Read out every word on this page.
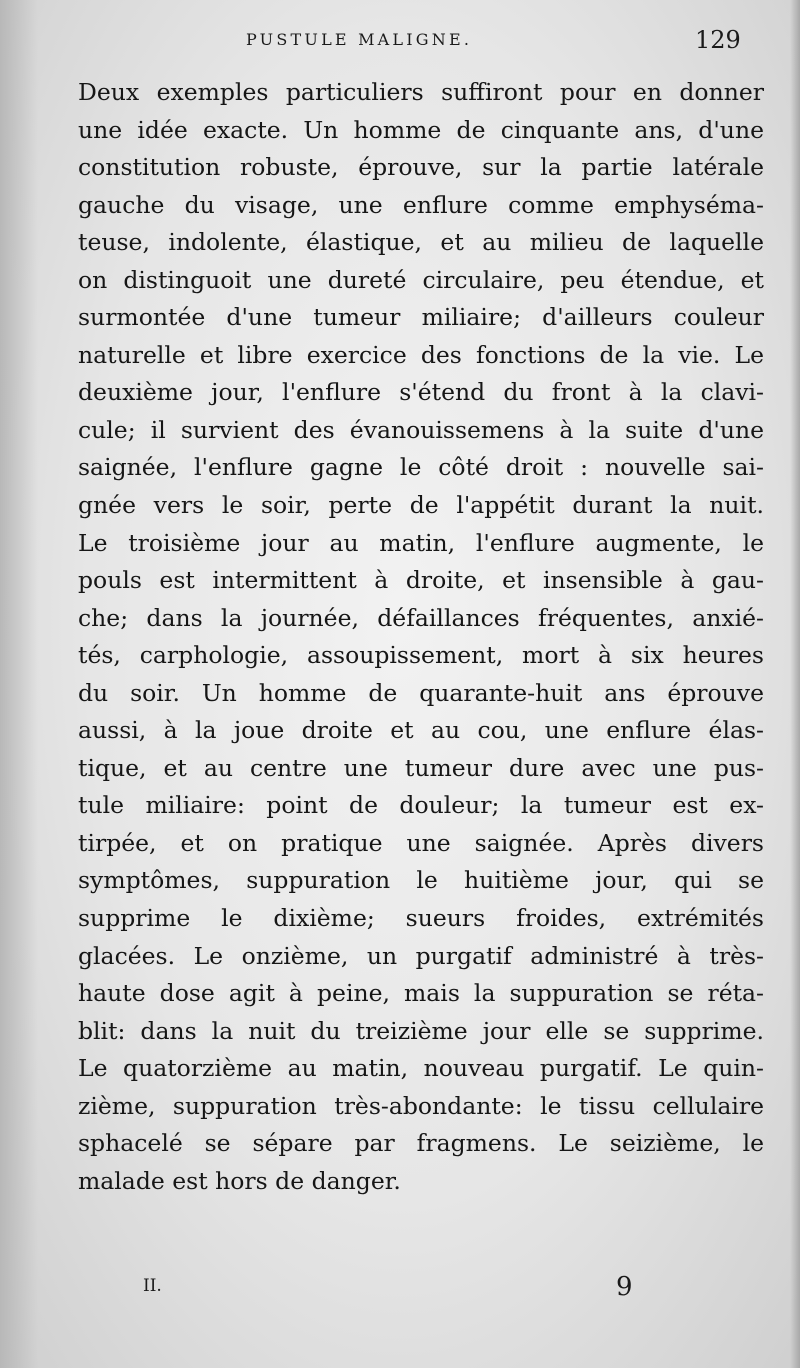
PUSTULE MALIGNE.	129
Deux exemples particuliers suffiront pour en donner
une idée exacte. Un homme de cinquante ans, d'une
constitution robuste, éprouve, sur la partie latérale
gauche du visage, une enflure comme emphyséma-
teuse, indolente, élastique, et au milieu de laquelle
on distinguoit une dureté circulaire, peu étendue, et
surmontée d'une tumeur miliaire; d'ailleurs couleur
naturelle et libre exercice des fonctions de la vie. Le
deuxième jour, l'enflure s'étend du front à la clavi-
cule; il survient des évanouissemens à la suite d'une
saignée, l'enflure gagne le côté droit : nouvelle sai-
gnée vers le soir, perte de l'appétit durant la nuit.
Le troisième jour au matin, l'enflure augmente, le
pouls est intermittent à droite, et insensible à gau-
che; dans la journée, défaillances fréquentes, anxié-
tés, carphologie, assoupissement, mort à six heures
du soir. Un homme de quarante-huit ans éprouve
aussi, à la joue droite et au cou, une enflure élas-
tique, et au centre une tumeur dure avec une pus-
tule miliaire: point de douleur; la tumeur est ex-
tirpée, et on pratique une saignée. Après divers
symptômes, suppuration le huitième jour, qui se
supprime le dixième; sueurs froides, extrémités
glacées. Le onzième, un purgatif administré à très-
haute dose agit à peine, mais la suppuration se réta-
blit: dans la nuit du treizième jour elle se supprime.
Le quatorzième au matin, nouveau purgatif. Le quin-
zième, suppuration très-abondante: le tissu cellulaire
sphacelé se sépare par fragmens. Le seizième, le
malade est hors de danger.
II.	9
